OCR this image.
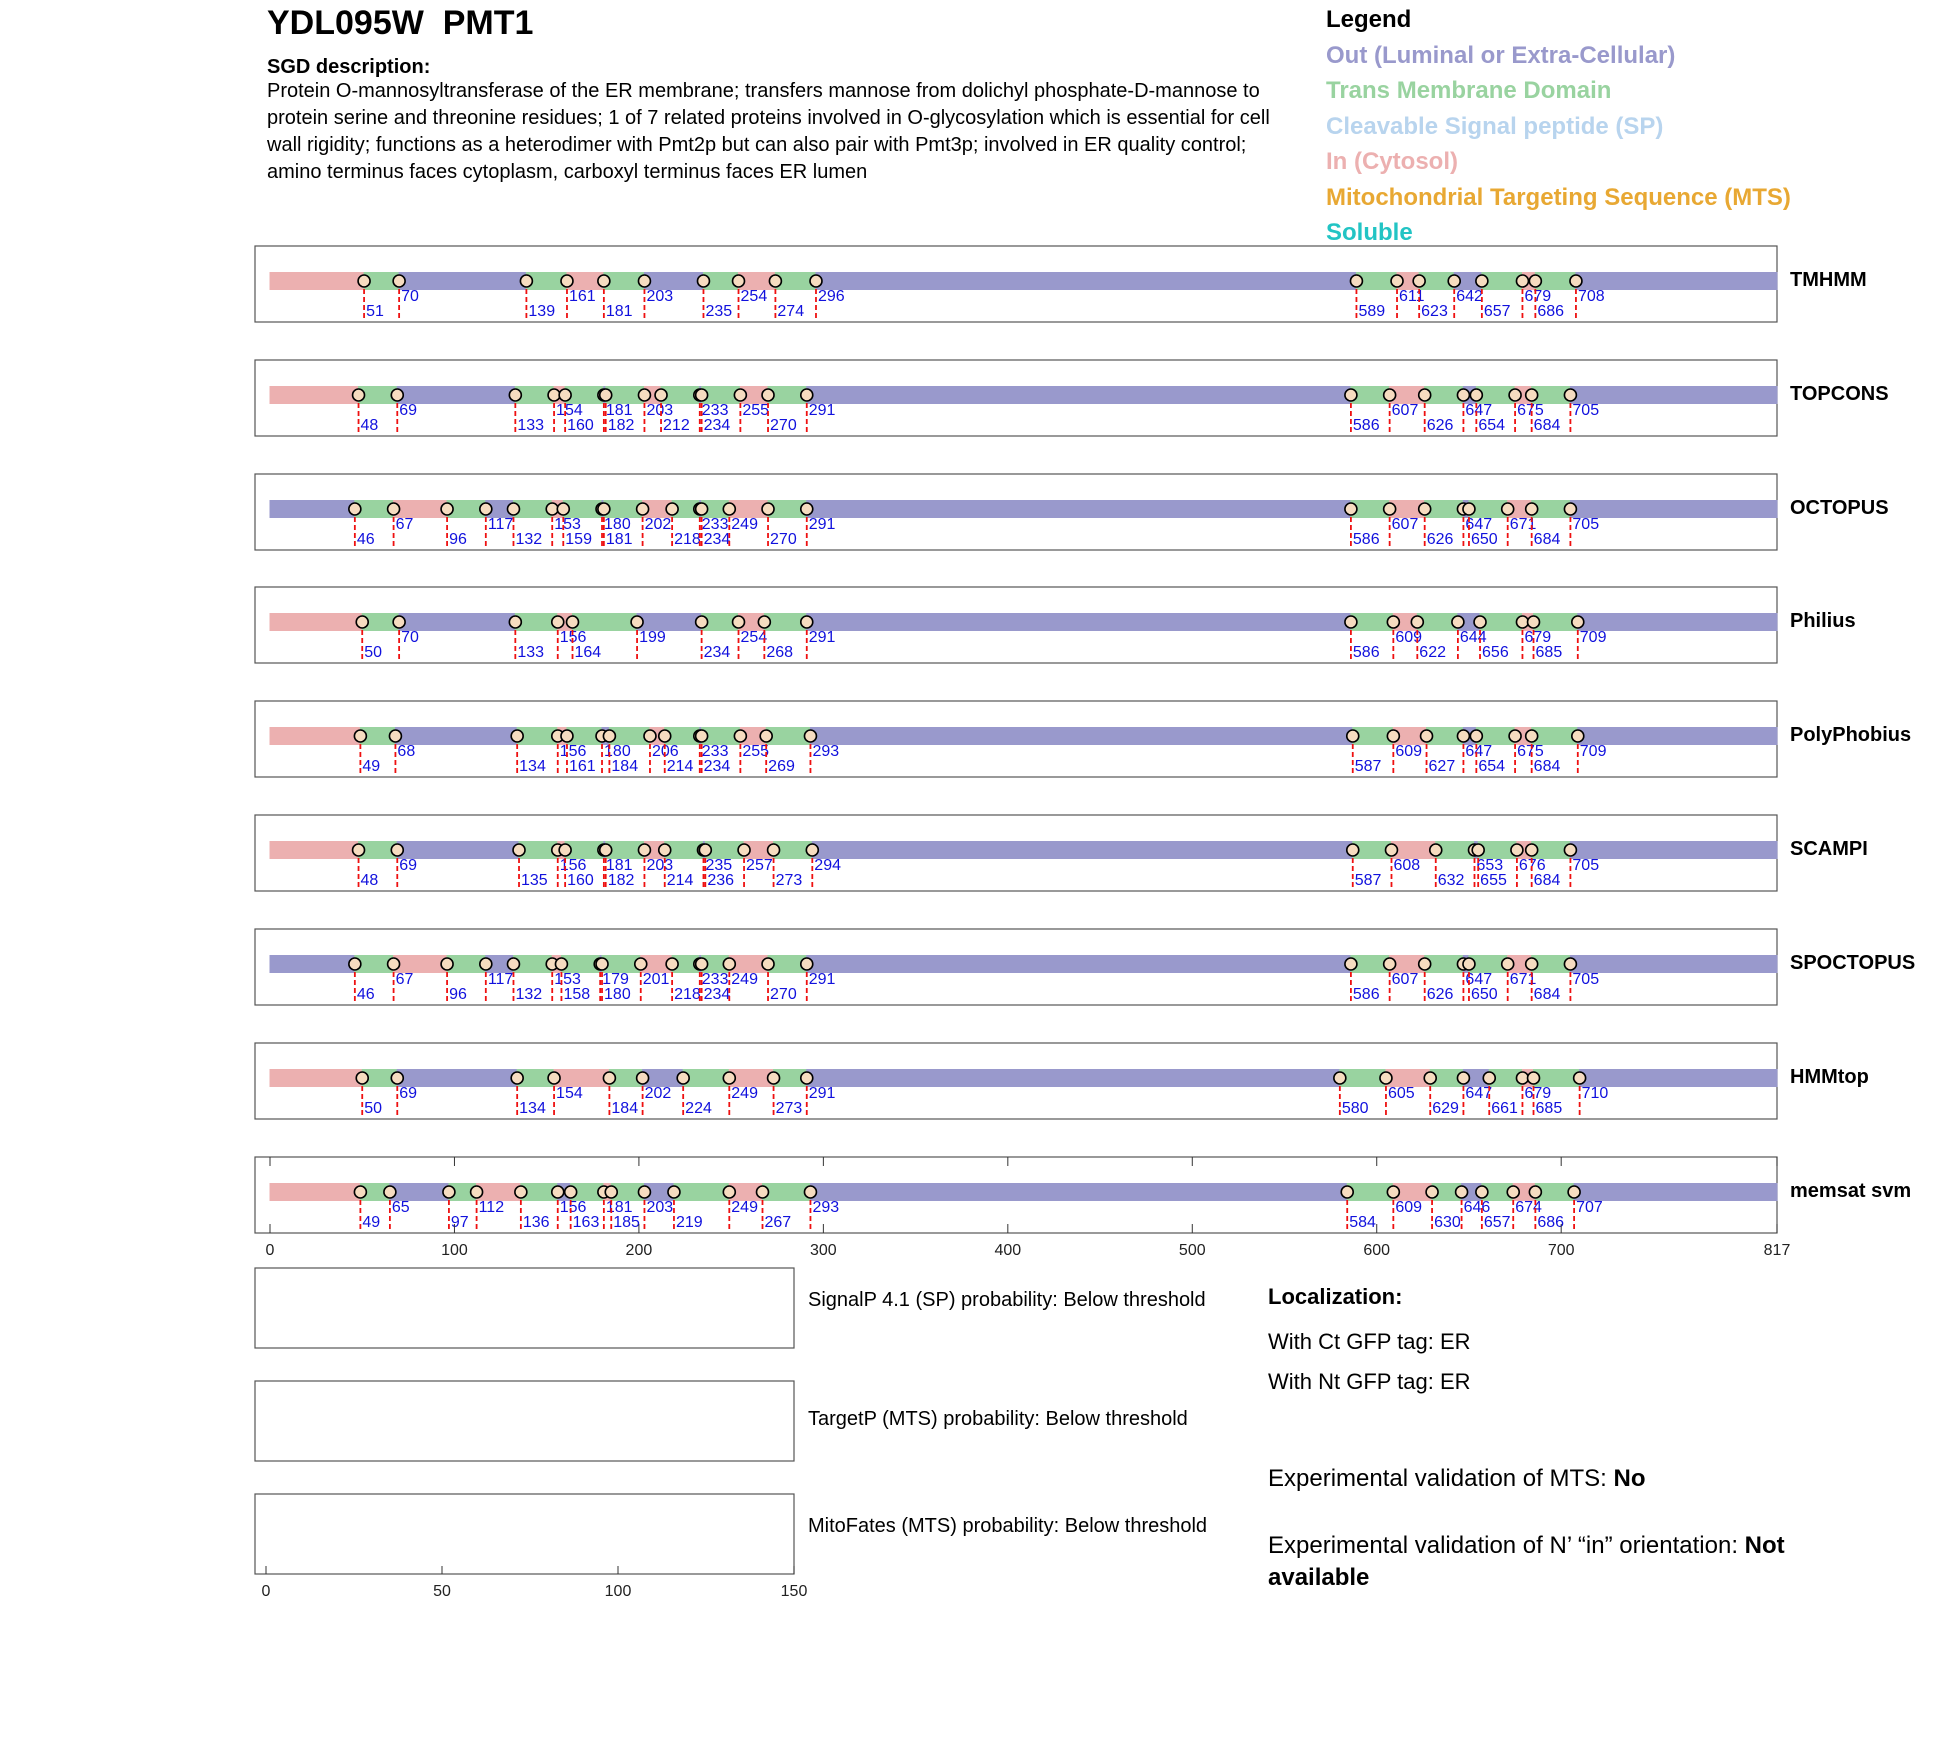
YDL095W  PMT1
SGD description:
Protein O-mannosyltransferase of the ER membrane; transfers mannose from dolichyl phosphate-D-mannose to protein serine and threonine residues; 1 of 7 related proteins involved in O-glycosylation which is essential for cell wall rigidity; functions as a heterodimer with Pmt2p but can also pair with Pmt3p; involved in ER quality control; amino terminus faces cytoplasm, carboxyl terminus faces ER lumen
Legend
Out (Luminal or Extra-Cellular)
Trans Membrane Domain
Cleavable Signal peptide (SP)
In (Cytosol)
Mitochondrial Targeting Sequence (MTS)
Soluble
TMHMM
51
70
139
161
181
203
235
254
274
296
589
611
623
642
657
679
686
708
TOPCONS
48
69
133
154
160
181
182
203
212
233
234
255
270
291
586
607
626
647
654
675
684
705
OCTOPUS
46
67
96
117
132
153
159
180
181
202
218
233
234
249
270
291
586
607
626
647
650
671
684
705
Philius
50
70
133
156
164
199
234
254
268
291
586
609
622
644
656
679
685
709
PolyPhobius
49
68
134
156
161
180
184
206
214
233
234
255
269
293
587
609
627
647
654
675
684
709
SCAMPI
48
69
135
156
160
181
182
203
214
235
236
257
273
294
587
608
632
653
655
676
684
705
SPOCTOPUS
46
67
96
117
132
153
158
179
180
201
218
233
234
249
270
291
586
607
626
647
650
671
684
705
HMMtop
50
69
134
154
184
202
224
249
273
291
580
605
629
647
661
679
685
710
memsat svm
49
65
97
112
136
156
163
181
185
203
219
249
267
293
584
609
630
646
657
674
686
707
0	100	200	300	400	500	600	700	817
0	50	100	150
SignalP 4.1 (SP) probability: Below threshold
TargetP (MTS) probability: Below threshold
MitoFates (MTS) probability: Below threshold
Localization:
With Ct GFP tag: ER
With Nt GFP tag: ER
Experimental validation of MTS: No
Experimental validation of N’ “in” orientation: Not available
